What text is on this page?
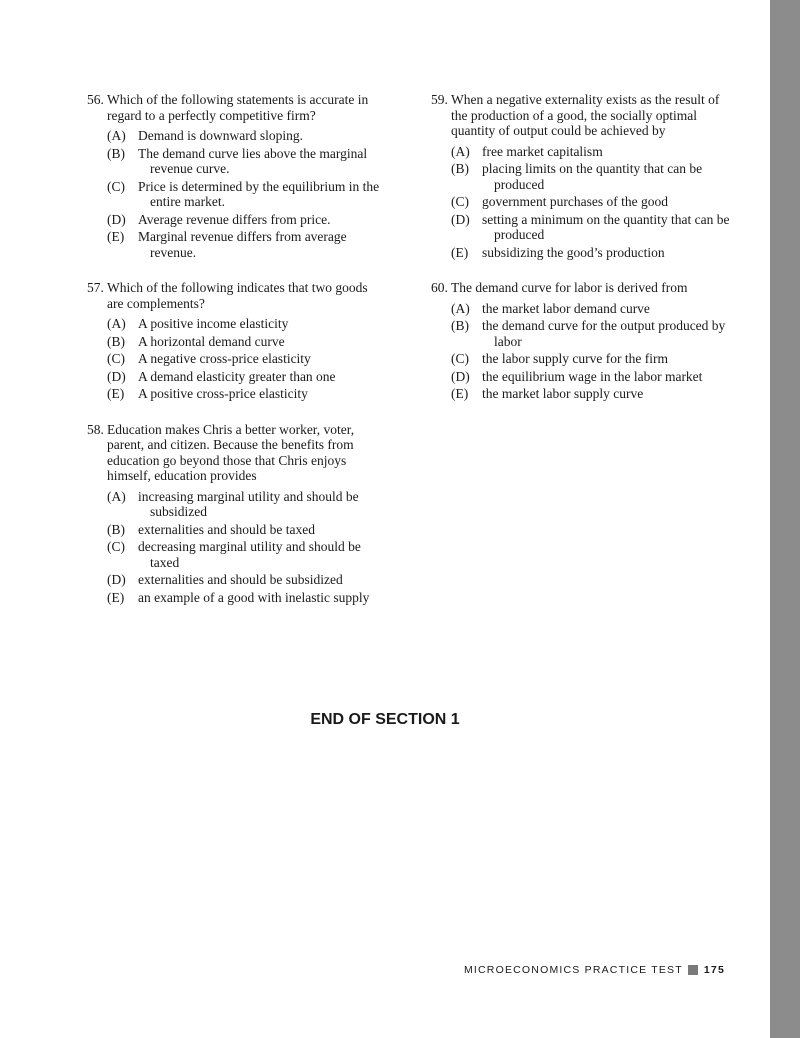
56. Which of the following statements is accurate in regard to a perfectly competitive firm?
(A) Demand is downward sloping.
(B) The demand curve lies above the marginal revenue curve.
(C) Price is determined by the equilibrium in the entire market.
(D) Average revenue differs from price.
(E) Marginal revenue differs from average revenue.
57. Which of the following indicates that two goods are complements?
(A) A positive income elasticity
(B) A horizontal demand curve
(C) A negative cross-price elasticity
(D) A demand elasticity greater than one
(E) A positive cross-price elasticity
58. Education makes Chris a better worker, voter, parent, and citizen. Because the benefits from education go beyond those that Chris enjoys himself, education provides
(A) increasing marginal utility and should be subsidized
(B) externalities and should be taxed
(C) decreasing marginal utility and should be taxed
(D) externalities and should be subsidized
(E) an example of a good with inelastic supply
59. When a negative externality exists as the result of the production of a good, the socially optimal quantity of output could be achieved by
(A) free market capitalism
(B) placing limits on the quantity that can be produced
(C) government purchases of the good
(D) setting a minimum on the quantity that can be produced
(E) subsidizing the good’s production
60. The demand curve for labor is derived from
(A) the market labor demand curve
(B) the demand curve for the output produced by labor
(C) the labor supply curve for the firm
(D) the equilibrium wage in the labor market
(E) the market labor supply curve
END OF SECTION 1
MICROECONOMICS PRACTICE TEST 175
